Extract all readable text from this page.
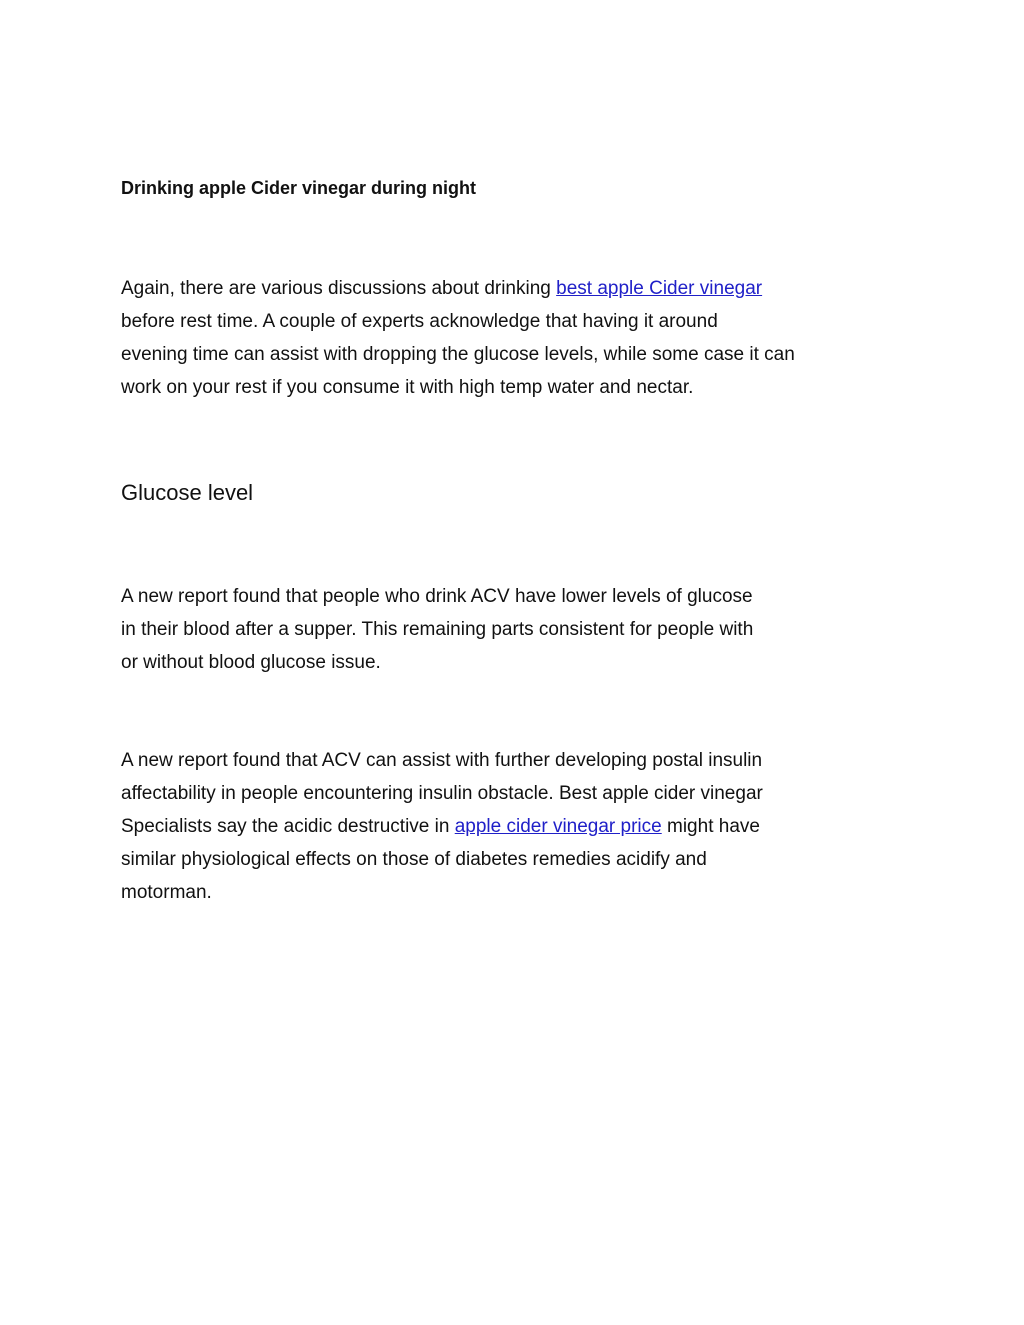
Drinking apple Cider vinegar during night
Again, there are various discussions about drinking best apple Cider vinegar
before rest time. A couple of experts acknowledge that having it around
evening time can assist with dropping the glucose levels, while some case it can
work on your rest if you consume it with high temp water and nectar.
Glucose level
A new report found that people who drink ACV have lower levels of glucose
in their blood after a supper. This remaining parts consistent for people with
or without blood glucose issue.
A new report found that ACV can assist with further developing postal insulin
affectability in people encountering insulin obstacle. Best apple cider vinegar
Specialists say the acidic destructive in apple cider vinegar price might have
similar physiological effects on those of diabetes remedies acidify and
motorman.
